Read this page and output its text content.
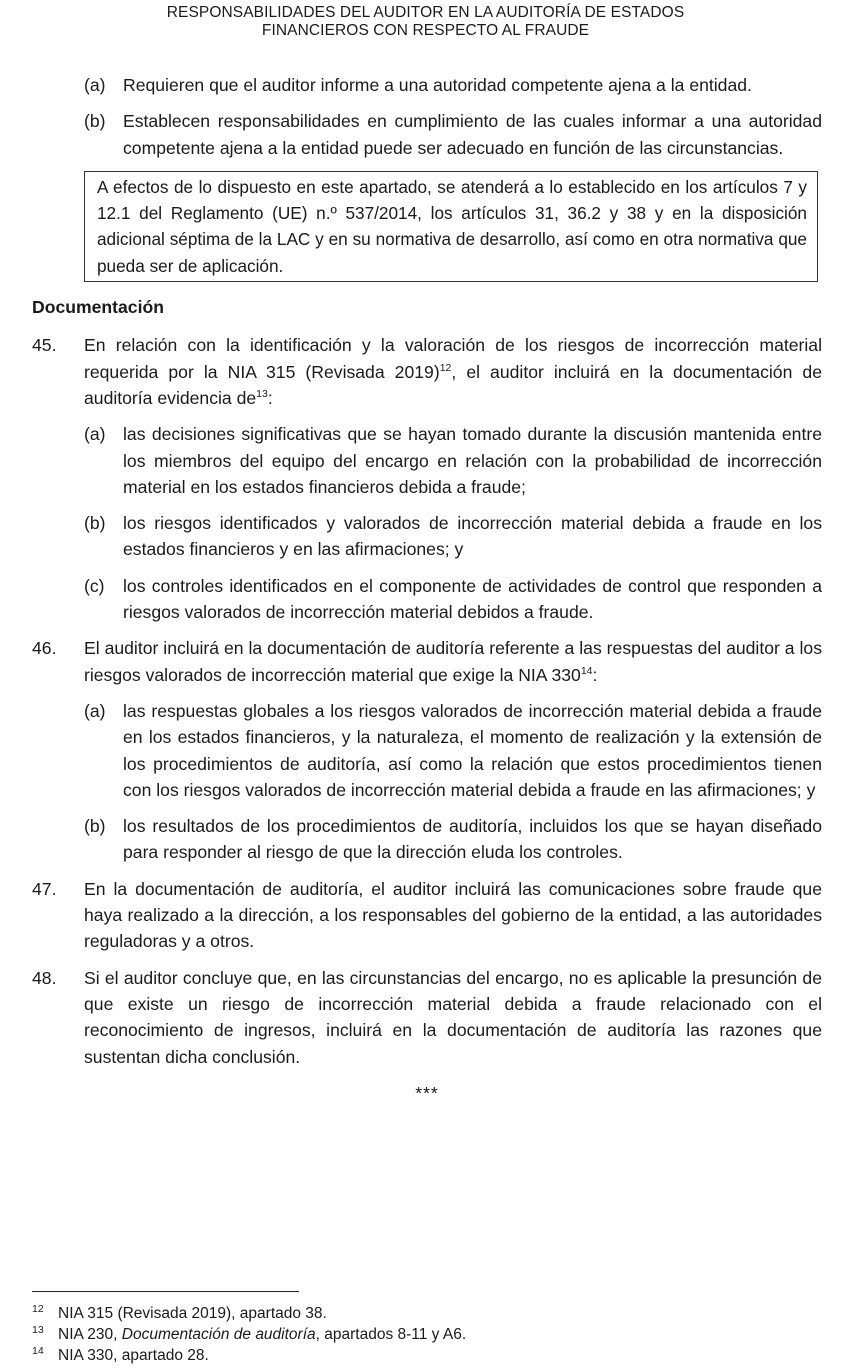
RESPONSABILIDADES DEL AUDITOR EN LA AUDITORÍA DE ESTADOS
FINANCIEROS CON RESPECTO AL FRAUDE
(a) Requieren que el auditor informe a una autoridad competente ajena a la entidad.
(b) Establecen responsabilidades en cumplimiento de las cuales informar a una autoridad competente ajena a la entidad puede ser adecuado en función de las circunstancias.
A efectos de lo dispuesto en este apartado, se atenderá a lo establecido en los artículos 7 y 12.1 del Reglamento (UE) n.º 537/2014, los artículos 31, 36.2 y 38 y en la disposición adicional séptima de la LAC y en su normativa de desarrollo, así como en otra normativa que pueda ser de aplicación.
Documentación
45. En relación con la identificación y la valoración de los riesgos de incorrección material requerida por la NIA 315 (Revisada 2019)$^{12}$, el auditor incluirá en la documentación de auditoría evidencia $de^{13}$:
(a) las decisiones significativas que se hayan tomado durante la discusión mantenida entre los miembros del equipo del encargo en relación con la probabilidad de incorrección material en los estados financieros debida a fraude;
(b) los riesgos identificados y valorados de incorrección material debida a fraude en los estados financieros y en las afirmaciones; y
(c) los controles identificados en el componente de actividades de control que responden a riesgos valorados de incorrección material debidos a fraude.
46. El auditor incluirá en la documentación de auditoría referente a las respuestas del auditor a los riesgos valorados de incorrección material que exige la NIA $330^{14}$:
(a) las respuestas globales a los riesgos valorados de incorrección material debida a fraude en los estados financieros, y la naturaleza, el momento de realización y la extensión de los procedimientos de auditoría, así como la relación que estos procedimientos tienen con los riesgos valorados de incorrección material debida a fraude en las afirmaciones; y
(b) los resultados de los procedimientos de auditoría, incluidos los que se hayan diseñado para responder al riesgo de que la dirección eluda los controles.
47. En la documentación de auditoría, el auditor incluirá las comunicaciones sobre fraude que haya realizado a la dirección, a los responsables del gobierno de la entidad, a las autoridades reguladoras y a otros.
48. Si el auditor concluye que, en las circunstancias del encargo, no es aplicable la presunción de que existe un riesgo de incorrección material debida a fraude relacionado con el reconocimiento de ingresos, incluirá en la documentación de auditoría las razones que sustentan dicha conclusión.
***
12 NIA 315 (Revisada 2019), apartado 38.
13 NIA 230, Documentación de auditoría, apartados 8-11 y A6.
14 NIA 330, apartado 28.
